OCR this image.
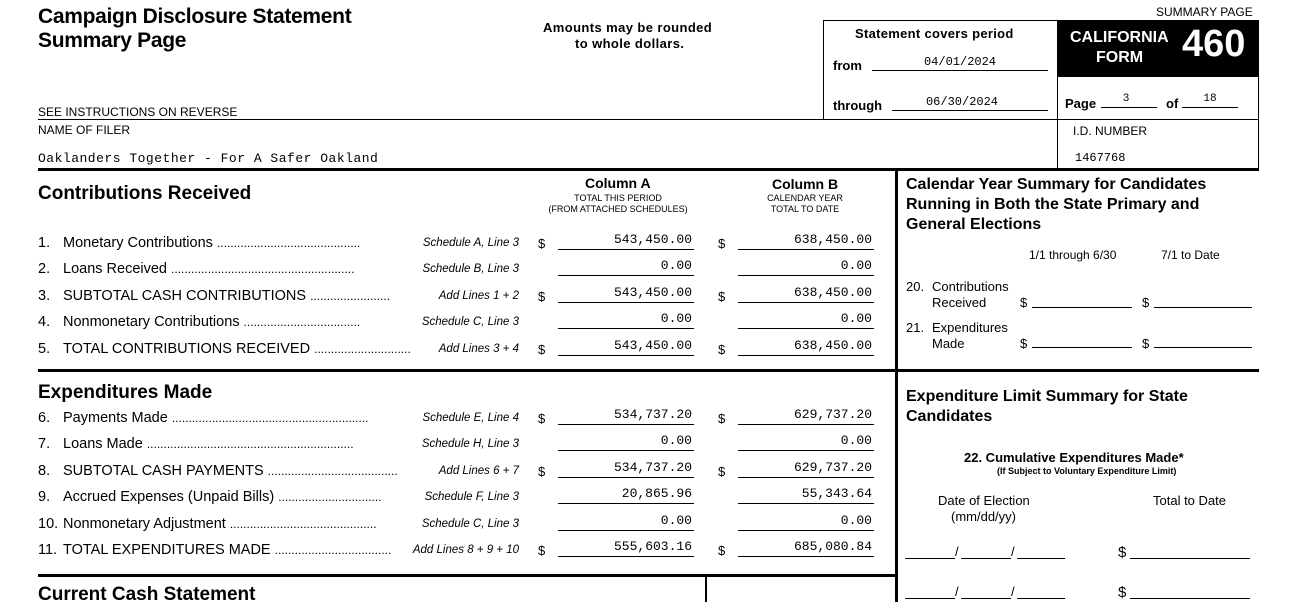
Campaign Disclosure Statement
Summary Page
Amounts may be rounded
to whole dollars.
SEE INSTRUCTIONS ON REVERSE
NAME OF FILER
Oaklanders Together - For A Safer Oakland
SUMMARY PAGE
Statement covers period
from	04/01/2024
through	06/30/2024
CALIFORNIA
FORM 460
Page	3	of	18
I.D. NUMBER
1467768
Contributions Received	Column A
TOTAL THIS PERIOD
(FROM ATTACHED SCHEDULES)
Column B
CALENDAR YEAR
TOTAL TO DATE
1. Monetary Contributions ...........................................	Schedule A, Line 3 $	543,450.00 $	638,450.00
2. Loans Received .......................................................	Schedule B, Line 3	0.00	0.00
3. SUBTOTAL CASH CONTRIBUTIONS ........................	Add Lines 1 + 2 $	543,450.00 $	638,450.00
4. Nonmonetary Contributions ...................................	Schedule C, Line 3	0.00	0.00
5. TOTAL CONTRIBUTIONS RECEIVED .............................	Add Lines 3 + 4 $	543,450.00 $	638,450.00
Expenditures Made
6. Payments Made ...........................................................	Schedule E, Line 4 $	534,737.20 $	629,737.20
7. Loans Made ..............................................................	Schedule H, Line 3	0.00	0.00
8. SUBTOTAL CASH PAYMENTS .......................................	Add Lines 6 + 7 $	534,737.20 $	629,737.20
9. Accrued Expenses (Unpaid Bills) ...............................	Schedule F, Line 3	20,865.96	55,343.64
10. Nonmonetary Adjustment ............................................	Schedule C, Line 3	0.00	0.00
11. TOTAL EXPENDITURES MADE ...................................	Add Lines 8 + 9 + 10 $	555,603.16 $	685,080.84
Current Cash Statement
Calendar Year Summary for Candidates
Running in Both the State Primary and
General Elections
1/1 through 6/30	7/1 to Date
20. Contributions
Received	$	$
21. Expenditures
Made	$	$
Expenditure Limit Summary for State
Candidates
22. Cumulative Expenditures Made*
(If Subject to Voluntary Expenditure Limit)
Date of Election
(mm/dd/yy)
Total to Date
/	/	$
/	/	$
